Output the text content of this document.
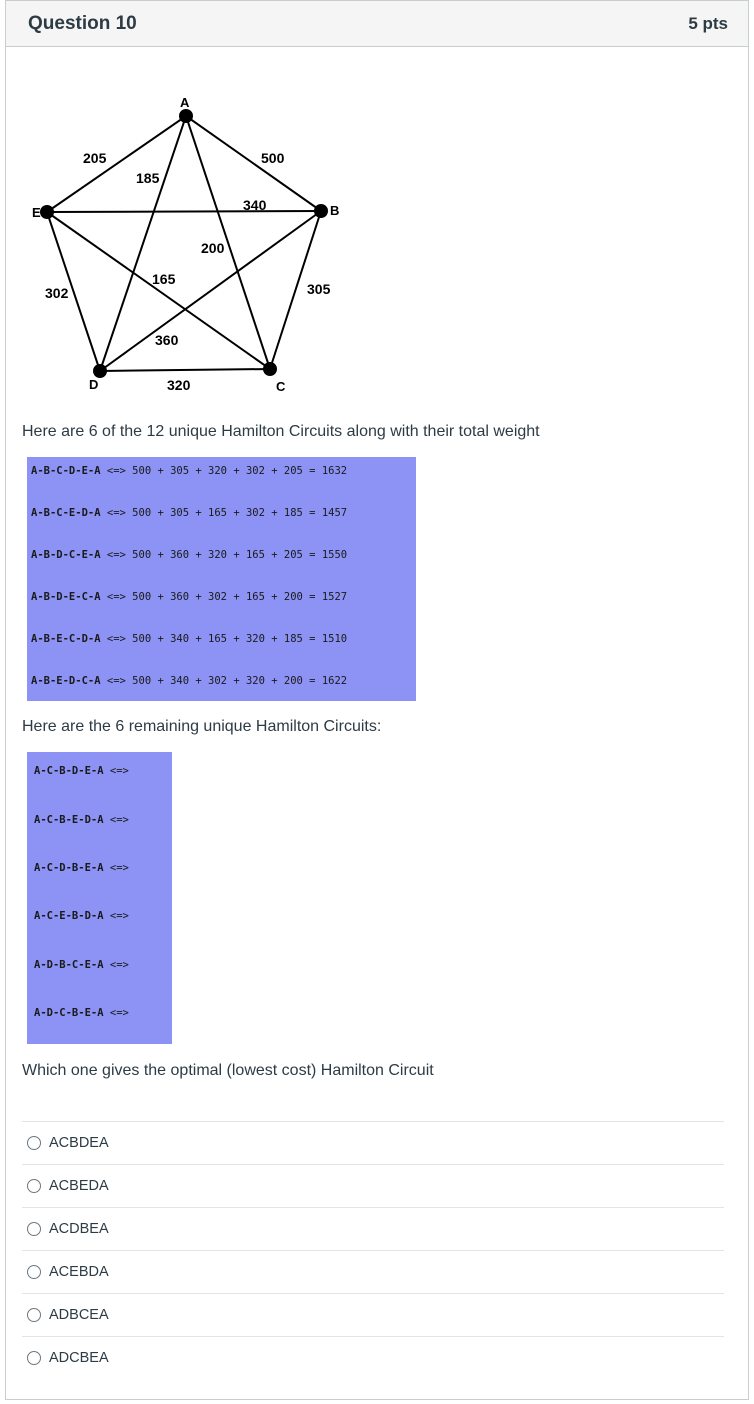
Question 10	5 pts
A
B
C
D
E
205
185
500
340
200
165
302	305
360
320
Here are 6 of the 12 unique Hamilton Circuits along with their total weight
A-B-C-D-E-A <=> 500 + 305 + 320 + 302 + 205 = 1632
A-B-C-E-D-A <=> 500 + 305 + 165 + 302 + 185 = 1457
A-B-D-C-E-A <=> 500 + 360 + 320 + 165 + 205 = 1550
A-B-D-E-C-A <=> 500 + 360 + 302 + 165 + 200 = 1527
A-B-E-C-D-A <=> 500 + 340 + 165 + 320 + 185 = 1510
A-B-E-D-C-A <=> 500 + 340 + 302 + 320 + 200 = 1622
Here are the 6 remaining unique Hamilton Circuits:
A-C-B-D-E-A <=>
A-C-B-E-D-A <=>
A-C-D-B-E-A <=>
A-C-E-B-D-A <=>
A-D-B-C-E-A <=>
A-D-C-B-E-A <=>
Which one gives the optimal (lowest cost) Hamilton Circuit
ACBDEA
ACBEDA
ACDBEA
ACEBDA
ADBCEA
ADCBEA
